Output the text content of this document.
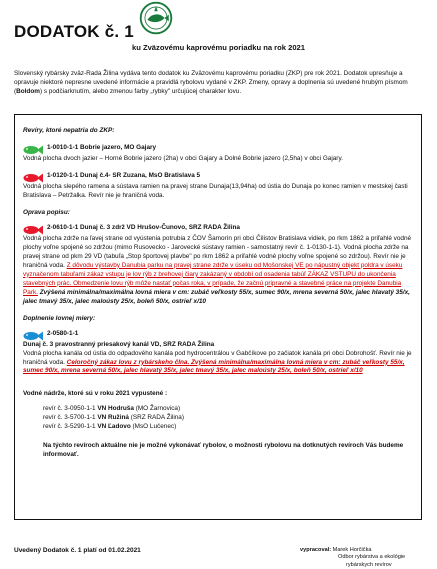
DODATOK č. 1
ku Zväzovému kaprovému poriadku na rok 2021
Slovenský rybársky zväz-Rada Žilina vydáva tento dodatok ku Zväzovému kaprovému poriadku (ZKP) pre rok 2021. Dodatok upresňuje a opravuje niektoré nepresne uvedené informácie a pravidlá rybolovu vydané v ZKP. Zmeny, opravy a doplnenia sú uvedené hrubým písmom (Boldom) s podčiarknutím, alebo zmenou farby „rybky" určujúcej charakter lovu.
Revíry, ktoré nepatria do ZKP:
1-0010-1-1 Bobrie jazero, MO Gajary
Vodná plocha dvoch jazier – Horné Bobrie jazero (2ha) v obci Gajary a Dolné Bobrie jazero (2,5ha) v obci Gajary.
1-0120-1-1 Dunaj č.4- SR Zuzana, MsO Bratislava 5
Vodná plocha slepého ramena a sústava ramien na pravej strane Dunaja(13,94ha) od ústia do Dunaja po konec ramien v mestskej časti Bratislava – Petržalka. Revír nie je hraničná voda.
Oprava popisu:
2-0610-1-1 Dunaj č. 3 zdrž VD Hrušov-Čunovo, SRZ RADA Žilina
Vodná plocha zdrže na ľavej strane od vyústenia potrubia z ČOV Šamorín pri obci Čilistov Bratislava vidiek, po rkm 1862 a priľahlé vodné plochy voľne spojené so zdržou (mimo Rusovecko - Jarovecké sústavy ramien - samostatný revír č. 1-0130-1-1). Vodná plocha zdrže na pravej strane od pkm 29 VD (tabuľa „Stop športovej plavbe" po rkm 1862 a priľahlé vodné plochy voľne spojené so zdržou). Revír nie je hraničná voda. Z dôvodu výstavby Danubia parku na pravej strane zdrže v úseku od Mošonskej VE po nápustný objekt poldra v úseku vyznačenom tabuľami zákaz vstupu je lov rýb z brehovej čiary zakázaný v období od osadenia tabúľ ZÁKAZ VSTUPU do ukončenia stavebných prác. Obmedzenie lovu rýb môže nastať počas roka, v prípade, že začnú pripravné a stavebné práce na projekte Danubia Park. Zvýšená minimálna/maximálna lovná miera v cm: zubáč veľkosty 55/x, sumec 90/x, mrena severná 50/x, jalec hlavatý 35/x, jalec tmavý 35/x, jalec maloústy 25/x, boleň 50/x, ostrieľ x/10
Doplnenie lovnej miery:
2-0580-1-1
Dunaj č. 3 pravostranný priesakový kanál VD, SRZ RADA Žilina
Vodná plocha kanála od ústia do odpadového kanála pod hydrocentrálou v Gabčíkove po začiatok kanála pri obci Dobrohošť. Revír nie je hraničná voda. Celoročný zákaz lovu z rybárskeho člna. Zvýšená minimálna/maximálna lovná miera v cm: zubáč veľkosty 55/x, sumec 90/x, mrena severná 50/x, jalec hlavatý 35/x, jalec tmavý 35/x, jalec maloústy 25/x, boleň 50/x, ostrieľ x/10
Vodné nádrže, ktoré sú v roku 2021 vypustené :
revír č. 3-0950-1-1 VN Hodruša (MO Žarnovica)
revír č. 3-5700-1-1 VN Ružiná (SRZ RADA Žilina)
revír č. 3-5290-1-1 VN Ľadovo (MsO Lučenec)
Na týchto revíroch aktuálne nie je možné vykonávať rybolov, o možnosti rybolovu na dotknutých revíroch Vás budeme informovať.
Uvedený Dodatok č. 1 platí od 01.02.2021	vypracoval: Marek Horčička
Odbor rybárstva a ekológie
rybárskych revírov
